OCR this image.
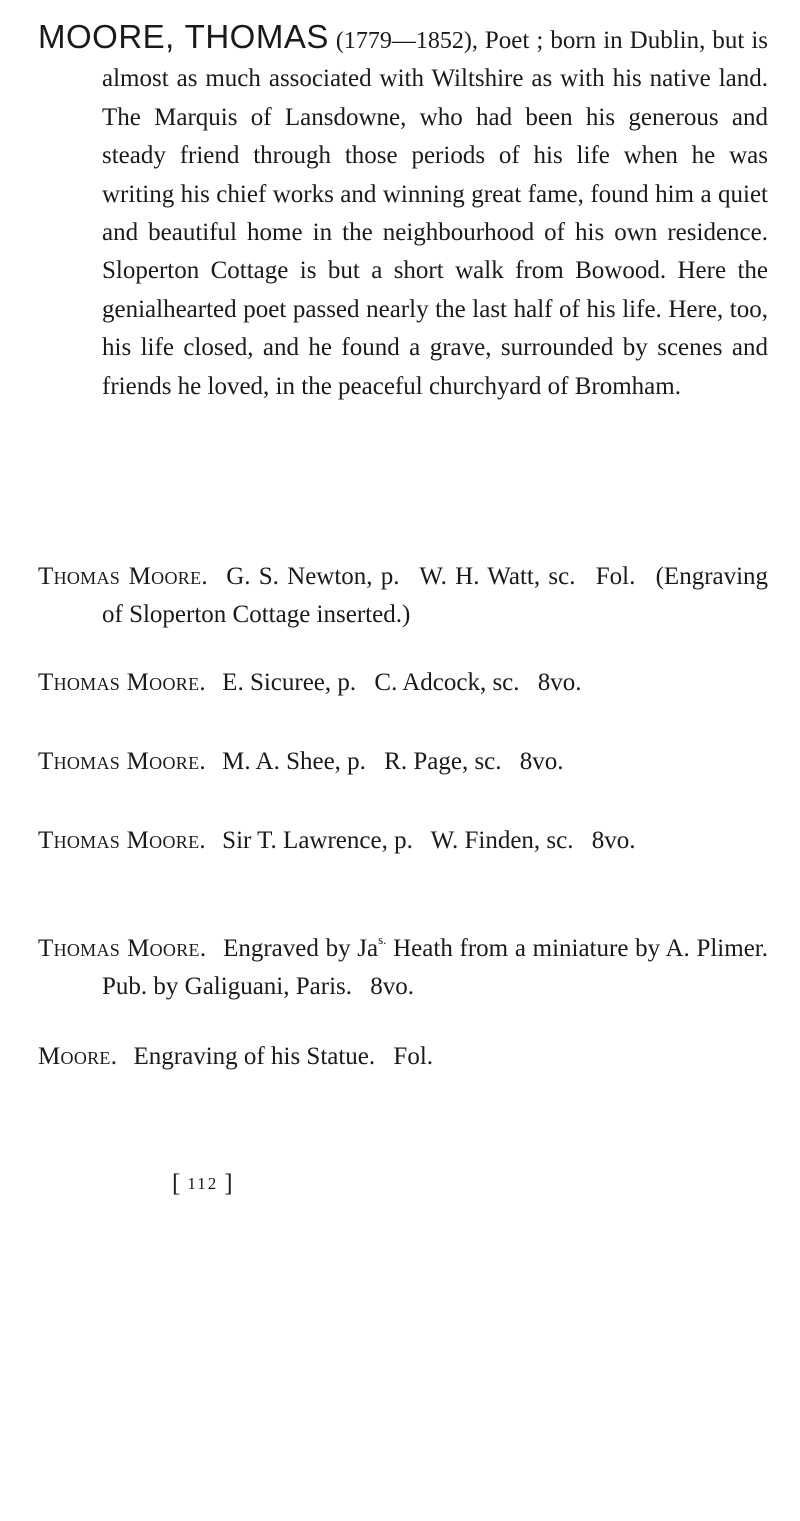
MOORE, THOMAS (1779—1852), Poet ; born in Dublin, but is almost as much associated with Wiltshire as with his native land. The Marquis of Lansdowne, who had been his generous and steady friend through those periods of his life when he was writing his chief works and winning great fame, found him a quiet and beautiful home in the neighbourhood of his own residence. Sloperton Cottage is but a short walk from Bowood. Here the genialhearted poet passed nearly the last half of his life. Here, too, his life closed, and he found a grave, surrounded by scenes and friends he loved, in the peaceful churchyard of Bromham.

Thomas Moore. G. S. Newton, p. W. H. Watt, sc. Fol. (Engraving of Sloperton Cottage inserted.)

Thomas Moore. E. Sicuree, p. C. Adcock, sc. 8vo.

Thomas Moore. M. A. Shee, p. R. Page, sc. 8vo.

Thomas Moore. Sir T. Lawrence, p. W. Finden, sc. 8vo.

Thomas Moore. Engraved by $Ja^{s.}$ Heath from a miniature by A. Plimer. Pub. by Galiguani, Paris. 8vo.

Moore. Engraving of his Statue. Fol.

[ 112 ]
